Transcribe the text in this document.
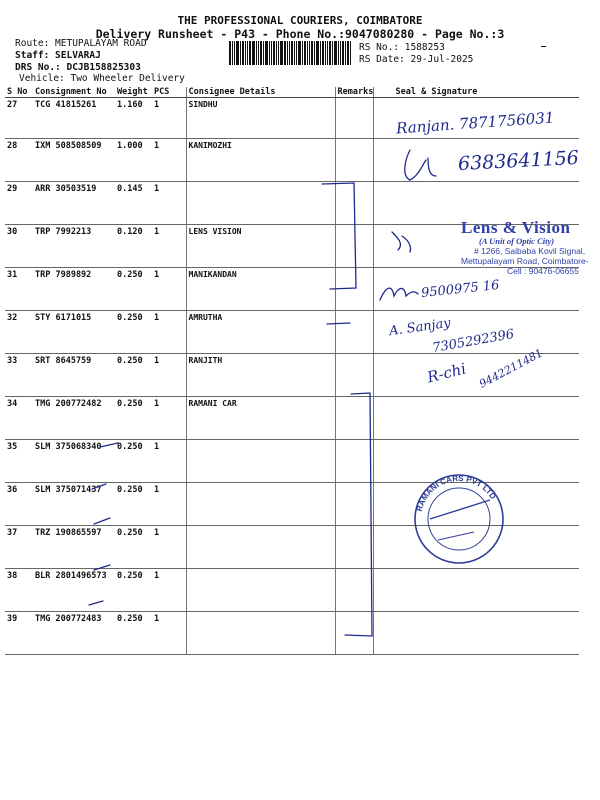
THE PROFESSIONAL COURIERS, COIMBATORE
Delivery Runsheet - P43 - Phone No.:9047080280 - Page No.:3
Route: METUPALAYAM ROAD
Staff: SELVARAJ
DRS No.: DCJB158825303
Vehicle: Two Wheeler Delivery
RS No.: 1588253
RS Date: 29-Jul-2025
S No	Consignment No	Weight	PCS	Consignee Details	Remarks	Seal & Signature
27	TCG 41815261	1.160	1	SINDHU		
28	IXM 508508509	1.000	1	KANIMOZHI		
29	ARR 30503519	0.145	1			
30	TRP 7992213	0.120	1	LENS VISION		
31	TRP 7989892	0.250	1	MANIKANDAN		
32	STY 6171015	0.250	1	AMRUTHA		
33	SRT 8645759	0.250	1	RANJITH		
34	TMG 200772482	0.250	1	RAMANI CAR		
35	SLM 375068340	0.250	1			
36	SLM 375071437	0.250	1			
37	TRZ 190865597	0.250	1			
38	BLR 2801496573	0.250	1			
39	TMG 200772483	0.250	1			
Lens & Vision
(A Unit of Optic City)
# 1266, Saibaba Kovil Signal,
Mettupalayam Road, Coimbatore-
Cell : 90476-06655
Ranjan. 7871756031
6383641156
9500975 16
A. Sanjay
7305292396
R-chi 9442211481
RAMANI CARS PVT LTD
